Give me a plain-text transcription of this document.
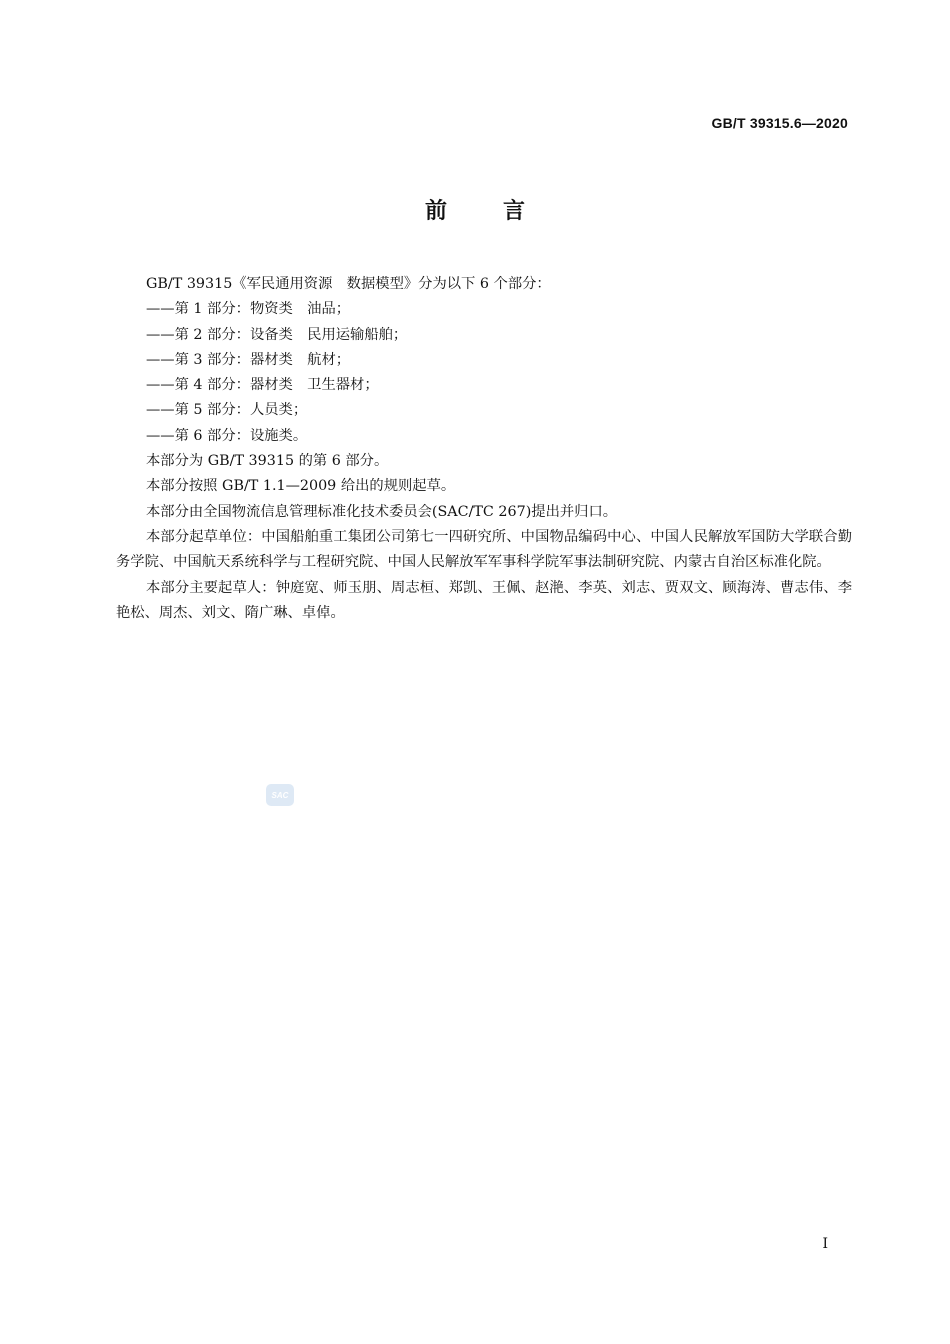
GB/T 39315.6—2020
前	言

GB/T 39315《军民通用资源　数据模型》分为以下 6 个部分：

——第 1 部分：物资类　油品；

——第 2 部分：设备类　民用运输船舶；

——第 3 部分：器材类　航材；

——第 4 部分：器材类　卫生器材；

——第 5 部分：人员类；

——第 6 部分：设施类。

本部分为 GB/T 39315 的第 6 部分。

本部分按照 GB/T 1.1—2009 给出的规则起草。

本部分由全国物流信息管理标准化技术委员会(SAC/TC 267)提出并归口。

本部分起草单位：中国船舶重工集团公司第七一四研究所、中国物品编码中心、中国人民解放军国防大学联合勤务学院、中国航天系统科学与工程研究院、中国人民解放军军事科学院军事法制研究院、内蒙古自治区标准化院。

本部分主要起草人：钟庭宽、师玉朋、周志桓、郑凯、王佩、赵滟、李英、刘志、贾双文、顾海涛、曹志伟、李艳松、周杰、刘文、隋广琳、卓倬。

SAC
I
